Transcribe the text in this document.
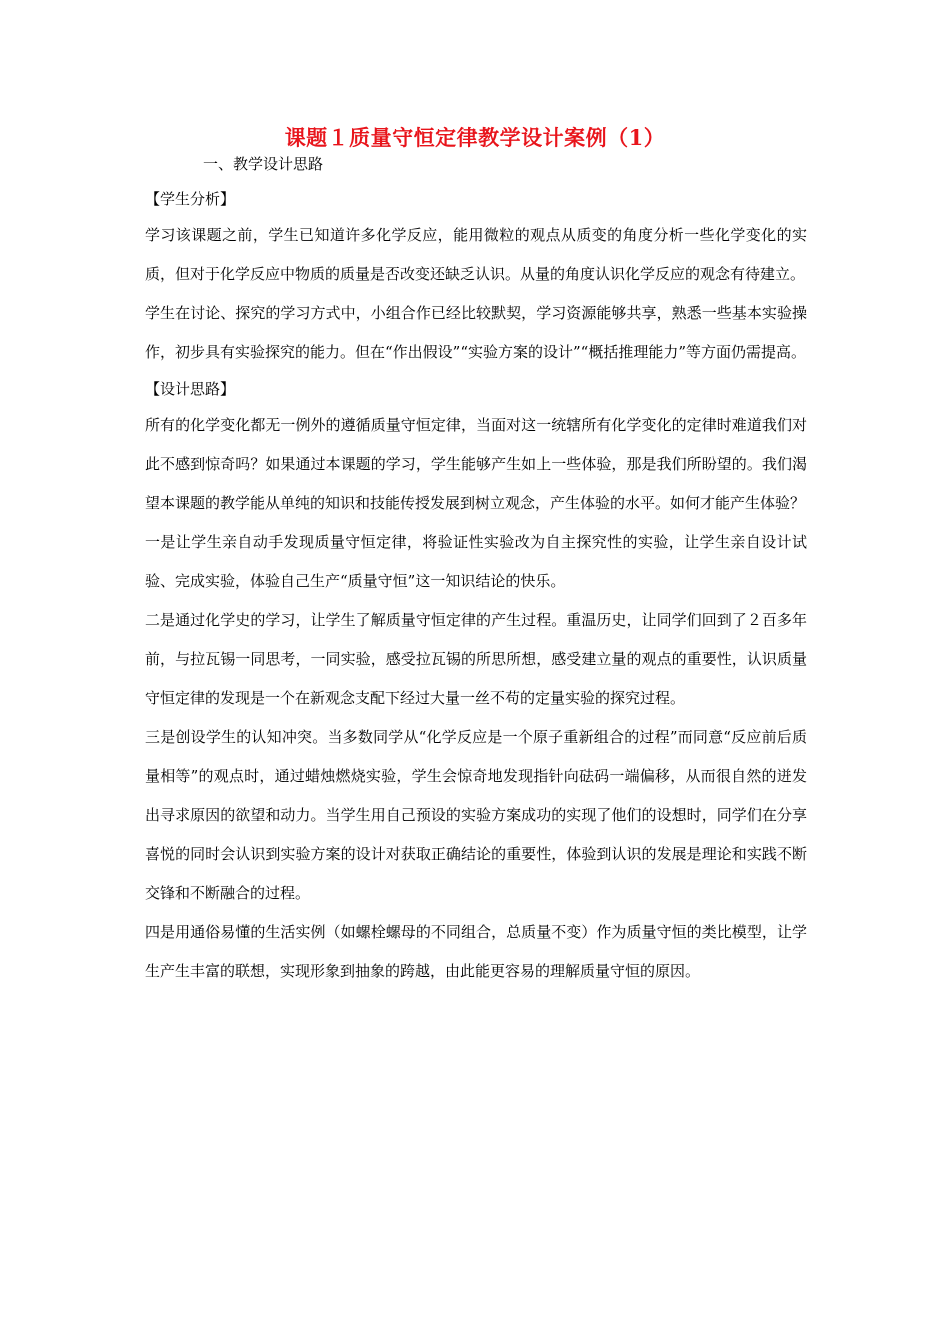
课题１质量守恒定律教学设计案例（1）
一、教学设计思路

【学生分析】

学习该课题之前，学生已知道许多化学反应，能用微粒的观点从质变的角度分析一些化学变化的实质，但对于化学反应中物质的质量是否改变还缺乏认识。从量的角度认识化学反应的观念有待建立。

学生在讨论、探究的学习方式中，小组合作已经比较默契，学习资源能够共享，熟悉一些基本实验操作，初步具有实验探究的能力。但在“作出假设”“实验方案的设计”“概括推理能力”等方面仍需提高。

【设计思路】

所有的化学变化都无一例外的遵循质量守恒定律，当面对这一统辖所有化学变化的定律时难道我们对此不感到惊奇吗？如果通过本课题的学习，学生能够产生如上一些体验，那是我们所盼望的。我们渴望本课题的教学能从单纯的知识和技能传授发展到树立观念，产生体验的水平。如何才能产生体验？

一是让学生亲自动手发现质量守恒定律，将验证性实验改为自主探究性的实验，让学生亲自设计试验、完成实验，体验自己生产“质量守恒”这一知识结论的快乐。

二是通过化学史的学习，让学生了解质量守恒定律的产生过程。重温历史，让同学们回到了２百多年前，与拉瓦锡一同思考，一同实验，感受拉瓦锡的所思所想，感受建立量的观点的重要性，认识质量守恒定律的发现是一个在新观念支配下经过大量一丝不苟的定量实验的探究过程。

三是创设学生的认知冲突。当多数同学从“化学反应是一个原子重新组合的过程”而同意“反应前后质量相等”的观点时，通过蜡烛燃烧实验，学生会惊奇地发现指针向砝码一端偏移，从而很自然的迸发出寻求原因的欲望和动力。当学生用自己预设的实验方案成功的实现了他们的设想时，同学们在分享喜悦的同时会认识到实验方案的设计对获取正确结论的重要性，体验到认识的发展是理论和实践不断交锋和不断融合的过程。

四是用通俗易懂的生活实例（如螺栓螺母的不同组合，总质量不变）作为质量守恒的类比模型，让学生产生丰富的联想，实现形象到抽象的跨越，由此能更容易的理解质量守恒的原因。
